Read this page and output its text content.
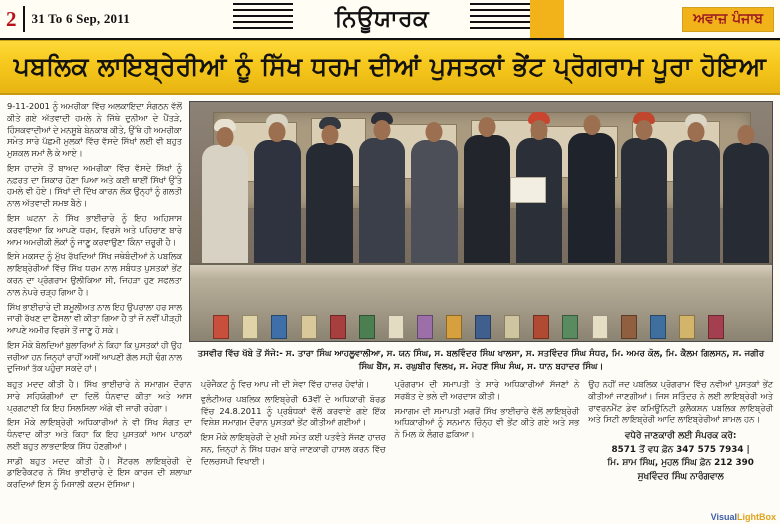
2	31 To 6 Sep, 2011	ਨਿਊਯਾਰਕ	ਅਵਾਜ਼ ਪੰਜਾਬ
ਪਬਲਿਕ ਲਾਇਬ੍ਰੇਰੀਆਂ ਨੂੰ ਸਿੱਖ ਧਰਮ ਦੀਆਂ ਪੁਸਤਕਾਂ ਭੇਂਟ ਪ੍ਰੋਗਰਾਮ ਪੂਰਾ ਹੋਇਆ

9-11-2001 ਨੂੰ ਅਮਰੀਕਾ ਵਿੱਚ ਅਲਕਾਇਦਾ ਸੰਗਠਨ ਵੱਲੋਂ ਕੀਤੇ ਗਏ ਅੱਤਵਾਦੀ ਹਮਲੇ ਨੇ ਜਿੱਥੇ ਦੁਨੀਆ ਦੇ ਪੈਂਤੜੇ, ਹਿੰਸਕਵਾਦੀਆਂ ਦੇ ਮਨਸੂਬੇ ਬੇਨਕਾਬ ਕੀਤੇ, ਉੱਥੇ ਹੀ ਅਮਰੀਕਾ ਸਮੇਤ ਸਾਰੇ ਪੱਛਮੀ ਮੁਲਕਾਂ ਵਿੱਚ ਵੱਸਦੇ ਸਿੱਖਾਂ ਲਈ ਵੀ ਬਹੁਤ ਮੁਸ਼ਕਲ ਸਮਾਂ ਲੈ ਕੇ ਆਏ।

ਇਸ ਹਾਦਸੇ ਤੋਂ ਬਾਅਦ ਅਮਰੀਕਾ ਵਿੱਚ ਵੱਸਦੇ ਸਿੱਖਾਂ ਨੂੰ ਨਫ਼ਰਤ ਦਾ ਸ਼ਿਕਾਰ ਹੋਣਾ ਪਿਆ ਅਤੇ ਕਈ ਥਾਈਂ ਸਿੱਖਾਂ ਉੱਤੇ ਹਮਲੇ ਵੀ ਹੋਏ। ਸਿੱਖਾਂ ਦੀ ਦਿੱਖ ਕਾਰਨ ਲੋਕ ਉਨ੍ਹਾਂ ਨੂੰ ਗਲਤੀ ਨਾਲ ਅੱਤਵਾਦੀ ਸਮਝ ਬੈਠੇ।

ਇਸ ਘਟਨਾ ਨੇ ਸਿੱਖ ਭਾਈਚਾਰੇ ਨੂੰ ਇਹ ਅਹਿਸਾਸ ਕਰਵਾਇਆ ਕਿ ਆਪਣੇ ਧਰਮ, ਵਿਰਸੇ ਅਤੇ ਪਹਿਚਾਣ ਬਾਰੇ ਆਮ ਅਮਰੀਕੀ ਲੋਕਾਂ ਨੂੰ ਜਾਣੂ ਕਰਵਾਉਣਾ ਕਿੰਨਾ ਜ਼ਰੂਰੀ ਹੈ।

ਇਸੇ ਮਕਸਦ ਨੂੰ ਮੁੱਖ ਰੱਖਦਿਆਂ ਸਿੱਖ ਜਥੇਬੰਦੀਆਂ ਨੇ ਪਬਲਿਕ ਲਾਇਬ੍ਰੇਰੀਆਂ ਵਿੱਚ ਸਿੱਖ ਧਰਮ ਨਾਲ ਸਬੰਧਤ ਪੁਸਤਕਾਂ ਭੇਂਟ ਕਰਨ ਦਾ ਪ੍ਰੋਗਰਾਮ ਉਲੀਕਿਆ ਸੀ, ਜਿਹੜਾ ਹੁਣ ਸਫਲਤਾ ਨਾਲ ਨੇਪਰੇ ਚੜ੍ਹ ਗਿਆ ਹੈ।

ਸਿੱਖ ਭਾਈਚਾਰੇ ਦੀ ਸ਼ਮੂਲੀਅਤ ਨਾਲ ਇਹ ਉਪਰਾਲਾ ਹਰ ਸਾਲ ਜਾਰੀ ਰੱਖਣ ਦਾ ਫੈਸਲਾ ਵੀ ਕੀਤਾ ਗਿਆ ਹੈ ਤਾਂ ਜੋ ਨਵੀਂ ਪੀੜ੍ਹੀ ਆਪਣੇ ਅਮੀਰ ਵਿਰਸੇ ਤੋਂ ਜਾਣੂ ਹੋ ਸਕੇ।

ਇਸ ਮੌਕੇ ਬੋਲਦਿਆਂ ਬੁਲਾਰਿਆਂ ਨੇ ਕਿਹਾ ਕਿ ਪੁਸਤਕਾਂ ਹੀ ਉਹ ਜ਼ਰੀਆ ਹਨ ਜਿਨ੍ਹਾਂ ਰਾਹੀਂ ਅਸੀਂ ਆਪਣੀ ਗੱਲ ਸਹੀ ਢੰਗ ਨਾਲ ਦੂਜਿਆਂ ਤੱਕ ਪਹੁੰਚਾ ਸਕਦੇ ਹਾਂ।

ਤਸਵੀਰ ਵਿੱਚ ਖੱਬੇ ਤੋਂ ਸੱਜੇ:- ਸ. ਤਾਰਾ ਸਿੰਘ ਆਹਲੂਵਾਲੀਆ, ਸ. ਯਨ ਸਿੰਘ, ਸ. ਬਲਵਿੰਦਰ ਸਿੰਘ ਖਾਲਸਾ, ਸ. ਸਤਵਿੰਦਰ ਸਿੰਘ ਸੰਧਰ, ਮਿ. ਅਮਰ ਕੋਲ, ਮਿ. ਕੈਲਮ ਗਿਲਸਨ, ਸ. ਜਗੀਰ ਸਿੰਘ ਬੈਂਸ, ਸ. ਰਘੁਬੀਰ ਵਿਲਖ, ਸ. ਮੋਹਣ ਸਿੰਘ ਸੰਘ, ਸ. ਧਾਨ ਬਹਾਦਰ ਸਿੰਘ।

ਬਹੁਤ ਮਦਦ ਕੀਤੀ ਹੈ। ਸਿੱਖ ਭਾਈਚਾਰੇ ਨੇ ਸਮਾਗਮ ਦੌਰਾਨ ਸਾਰੇ ਸਹਿਯੋਗੀਆਂ ਦਾ ਦਿਲੋਂ ਧੰਨਵਾਦ ਕੀਤਾ ਅਤੇ ਆਸ ਪ੍ਰਗਟਾਈ ਕਿ ਇਹ ਸਿਲਸਿਲਾ ਅੱਗੇ ਵੀ ਜਾਰੀ ਰਹੇਗਾ।

ਇਸ ਮੌਕੇ ਲਾਇਬ੍ਰੇਰੀ ਅਧਿਕਾਰੀਆਂ ਨੇ ਵੀ ਸਿੱਖ ਸੰਗਤ ਦਾ ਧੰਨਵਾਦ ਕੀਤਾ ਅਤੇ ਕਿਹਾ ਕਿ ਇਹ ਪੁਸਤਕਾਂ ਆਮ ਪਾਠਕਾਂ ਲਈ ਬਹੁਤ ਲਾਭਦਾਇਕ ਸਿੱਧ ਹੋਣਗੀਆਂ।

ਸਾਡੀ ਬਹੁਤ ਮਦਦ ਕੀਤੀ ਹੈ। ਸੈਂਟਰਲ ਲਾਇਬ੍ਰੇਰੀ ਦੇ ਡਾਇਰੈਕਟਰ ਨੇ ਸਿੱਖ ਭਾਈਚਾਰੇ ਦੇ ਇਸ ਕਾਰਜ ਦੀ ਸ਼ਲਾਘਾ ਕਰਦਿਆਂ ਇਸ ਨੂੰ ਮਿਸਾਲੀ ਕਦਮ ਦੱਸਿਆ।

ਪ੍ਰੋਜੈਕਟ ਨੂੰ ਵਿਚ ਆਪ ਜੀ ਦੀ ਸੇਵਾ ਵਿੱਚ ਹਾਜ਼ਰ ਹੋਵਾਂਗੇ।

ਵੁਲੰਟੀਅਰ ਪਬਲਿਕ ਲਾਇਬ੍ਰੇਰੀ 63ਵੀਂ ਦੇ ਅਧਿਕਾਰੀ ਬੋਰਡ ਵਿੱਚ 24.8.2011 ਨੂੰ ਪ੍ਰਬੰਧਕਾਂ ਵੱਲੋਂ ਕਰਵਾਏ ਗਏ ਇੱਕ ਵਿਸ਼ੇਸ਼ ਸਮਾਗਮ ਦੌਰਾਨ ਪੁਸਤਕਾਂ ਭੇਂਟ ਕੀਤੀਆਂ ਗਈਆਂ।

ਇਸ ਮੌਕੇ ਲਾਇਬ੍ਰੇਰੀ ਦੇ ਮੁਖੀ ਸਮੇਤ ਕਈ ਪਤਵੰਤੇ ਸੱਜਣ ਹਾਜ਼ਰ ਸਨ, ਜਿਨ੍ਹਾਂ ਨੇ ਸਿੱਖ ਧਰਮ ਬਾਰੇ ਜਾਣਕਾਰੀ ਹਾਸਲ ਕਰਨ ਵਿੱਚ ਦਿਲਚਸਪੀ ਵਿਖਾਈ।

ਪ੍ਰੋਗਰਾਮ ਦੀ ਸਮਾਪਤੀ ਤੇ ਸਾਰੇ ਅਧਿਕਾਰੀਆਂ ਸੱਜਣਾਂ ਨੇ ਸਰਬੱਤ ਦੇ ਭਲੇ ਦੀ ਅਰਦਾਸ ਕੀਤੀ।

ਸਮਾਗਮ ਦੀ ਸਮਾਪਤੀ ਮਗਰੋਂ ਸਿੱਖ ਭਾਈਚਾਰੇ ਵੱਲੋਂ ਲਾਇਬ੍ਰੇਰੀ ਅਧਿਕਾਰੀਆਂ ਨੂੰ ਸਨਮਾਨ ਚਿੰਨ੍ਹ ਵੀ ਭੇਂਟ ਕੀਤੇ ਗਏ ਅਤੇ ਸਭ ਨੇ ਮਿਲ ਕੇ ਲੰਗਰ ਛਕਿਆ।

ਉਹ ਨਹੀਂ ਜਦ ਪਬਲਿਕ ਪ੍ਰੋਗਰਾਮ ਵਿੱਚ ਨਵੀਆਂ ਪੁਸਤਕਾਂ ਭੇਂਟ ਕੀਤੀਆਂ ਜਾਣਗੀਆਂ। ਜਿਸ ਸਤਿੰਦਰ ਨੇ ਲਈ ਲਾਇਬ੍ਰੇਰੀ ਅਤੇ ਰਾਵਰਨਮੈਂਟ ਡੇਵ ਕਮਿਊਨਿਟੀ ਕੁਲੈਕਸ਼ਨ ਪਬਲਿਕ ਲਾਇਬ੍ਰੇਰੀ ਅਤੇ ਸਿਟੀ ਲਾਇਬ੍ਰੇਰੀ ਆਦਿ ਲਾਇਬ੍ਰੇਰੀਆਂ ਸ਼ਾਮਲ ਹਨ।

ਵਧੇਰੇ ਜਾਣਕਾਰੀ ਲਈ ਸੰਪਰਕ ਕਰੋ:
8571 ਤੋਂ ਵਧ ਫ਼ੋਨ 347 575 7934 |
ਮਿ. ਸ਼ਾਮ ਸਿੰਘ, ਮੁਹਲ ਸਿੰਘ ਫ਼ੋਨ 212 390
ਸੁਖਵਿੰਦਰ ਸਿੰਘ ਨਾਰੰਗਵਾਲ
VisualLightBox
